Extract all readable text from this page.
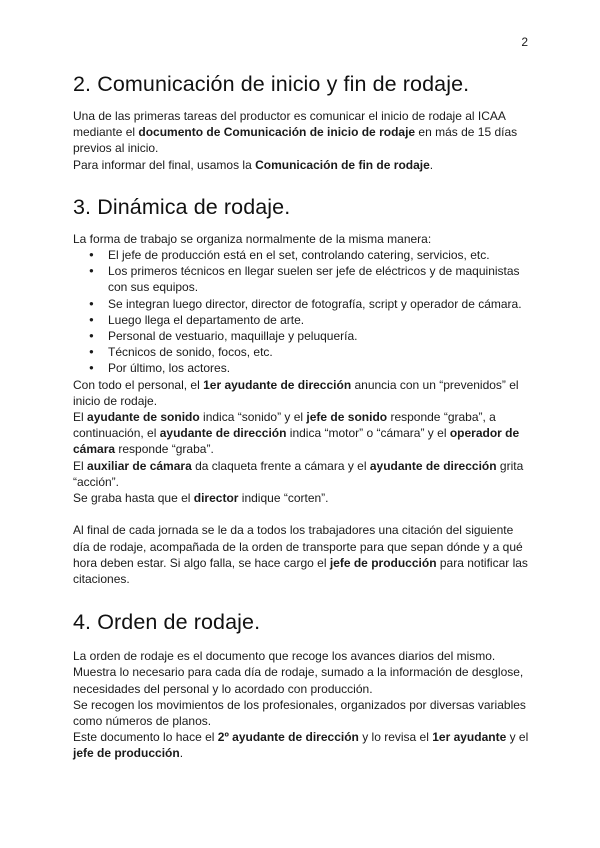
2
2. Comunicación de inicio y fin de rodaje.

Una de las primeras tareas del productor es comunicar el inicio de rodaje al ICAA mediante el documento de Comunicación de inicio de rodaje en más de 15 días previos al inicio.

Para informar del final, usamos la Comunicación de fin de rodaje.

3. Dinámica de rodaje.

La forma de trabajo se organiza normalmente de la misma manera:

● El jefe de producción está en el set, controlando catering, servicios, etc.
● Los primeros técnicos en llegar suelen ser jefe de eléctricos y de maquinistas con sus equipos.
● Se integran luego director, director de fotografía, script y operador de cámara.
● Luego llega el departamento de arte.
● Personal de vestuario, maquillaje y peluquería.
● Técnicos de sonido, focos, etc.
● Por último, los actores.

Con todo el personal, el 1er ayudante de dirección anuncia con un “prevenidos” el inicio de rodaje.

El ayudante de sonido indica “sonido” y el jefe de sonido responde “graba”, a continuación, el ayudante de dirección indica “motor” o “cámara” y el operador de cámara responde “graba”.

El auxiliar de cámara da claqueta frente a cámara y el ayudante de dirección grita “acción”.

Se graba hasta que el director indique “corten”.

Al final de cada jornada se le da a todos los trabajadores una citación del siguiente día de rodaje, acompañada de la orden de transporte para que sepan dónde y a qué hora deben estar. Si algo falla, se hace cargo el jefe de producción para notificar las citaciones.

4. Orden de rodaje.

La orden de rodaje es el documento que recoge los avances diarios del mismo. Muestra lo necesario para cada día de rodaje, sumado a la información de desglose, necesidades del personal y lo acordado con producción.

Se recogen los movimientos de los profesionales, organizados por diversas variables como números de planos.

Este documento lo hace el 2º ayudante de dirección y lo revisa el 1er ayudante y el jefe de producción.
